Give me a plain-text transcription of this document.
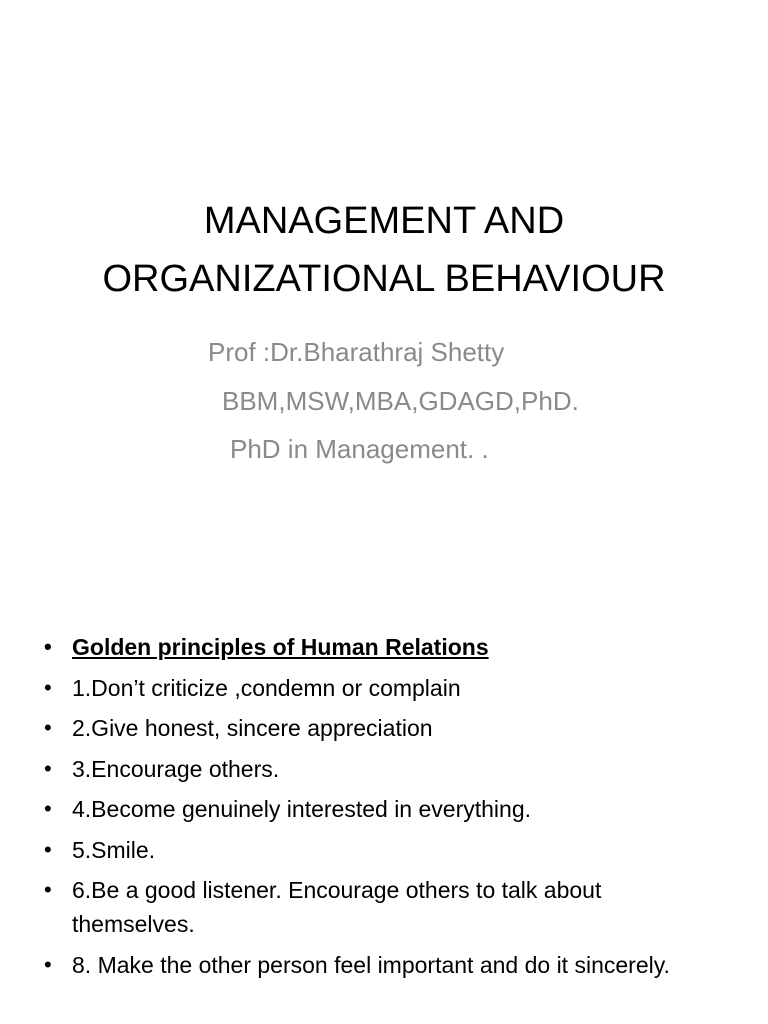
MANAGEMENT AND
ORGANIZATIONAL BEHAVIOUR
Prof :Dr.Bharathraj Shetty
BBM,MSW,MBA,GDAGD,PhD.
PhD in Management. .
• Golden principles of Human Relations
• 1.Don’t criticize ,condemn or complain
• 2.Give honest, sincere appreciation
• 3.Encourage others.
• 4.Become genuinely interested in everything.
• 5.Smile.
• 6.Be a good listener. Encourage others to talk about themselves.
• 8. Make the other person feel important and do it sincerely.
